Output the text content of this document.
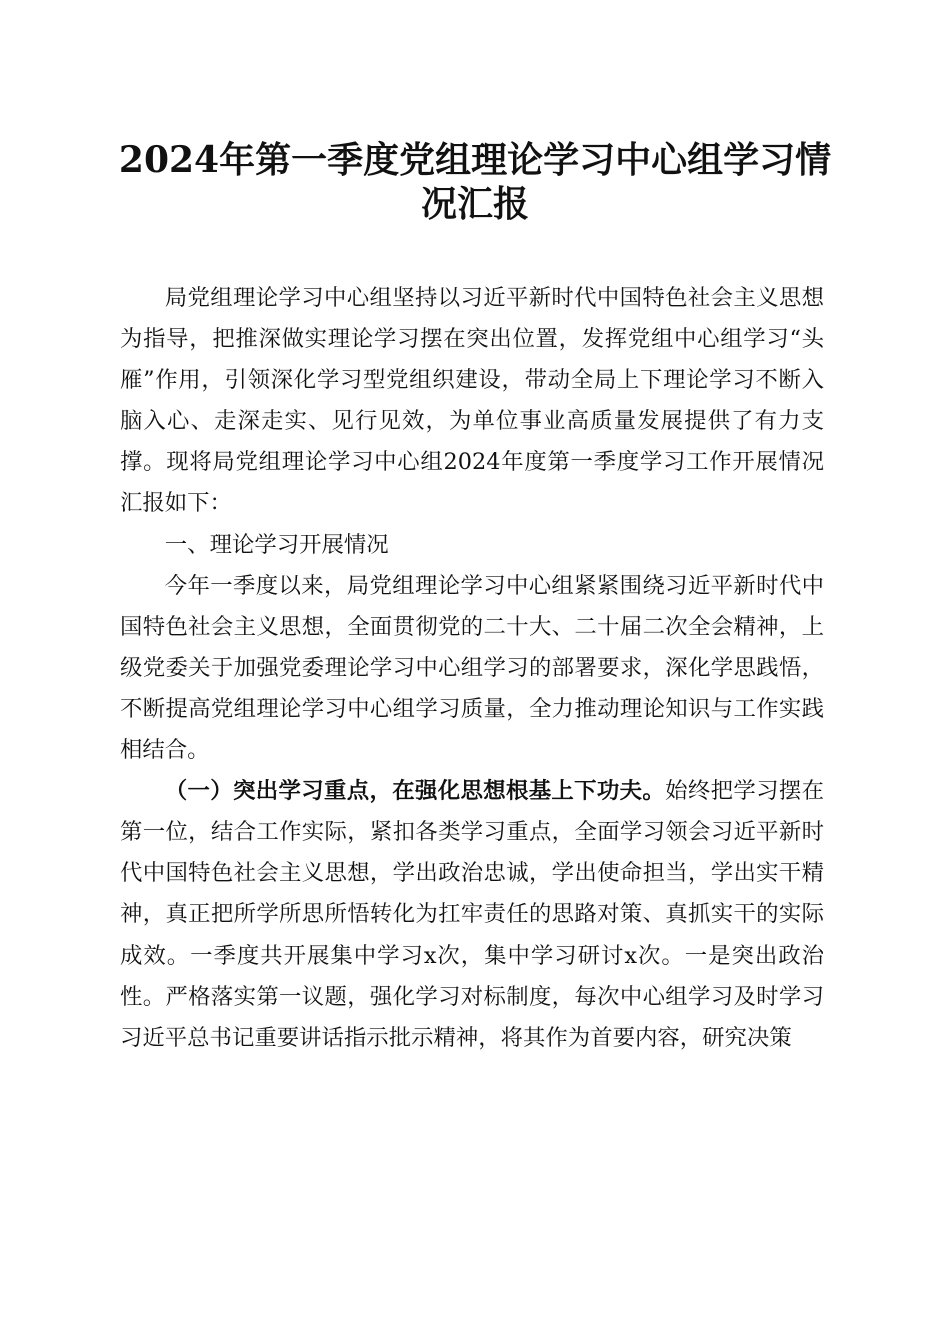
2024年第一季度党组理论学习中心组学习情况汇报

局党组理论学习中心组坚持以习近平新时代中国特色社会主义思想为指导，把推深做实理论学习摆在突出位置，发挥党组中心组学习“头雁”作用，引领深化学习型党组织建设，带动全局上下理论学习不断入脑入心、走深走实、见行见效，为单位事业高质量发展提供了有力支撑。现将局党组理论学习中心组2024年度第一季度学习工作开展情况汇报如下：

一、理论学习开展情况

今年一季度以来，局党组理论学习中心组紧紧围绕习近平新时代中国特色社会主义思想，全面贯彻党的二十大、二十届二次全会精神，上级党委关于加强党委理论学习中心组学习的部署要求，深化学思践悟，不断提高党组理论学习中心组学习质量，全力推动理论知识与工作实践相结合。

（一）突出学习重点，在强化思想根基上下功夫。始终把学习摆在第一位，结合工作实际，紧扣各类学习重点，全面学习领会习近平新时代中国特色社会主义思想，学出政治忠诚，学出使命担当，学出实干精神，真正把所学所思所悟转化为扛牢责任的思路对策、真抓实干的实际成效。一季度共开展集中学习x次，集中学习研讨x次。一是突出政治性。严格落实第一议题，强化学习对标制度，每次中心组学习及时学习习近平总书记重要讲话指示批示精神，将其作为首要内容，研究决策
